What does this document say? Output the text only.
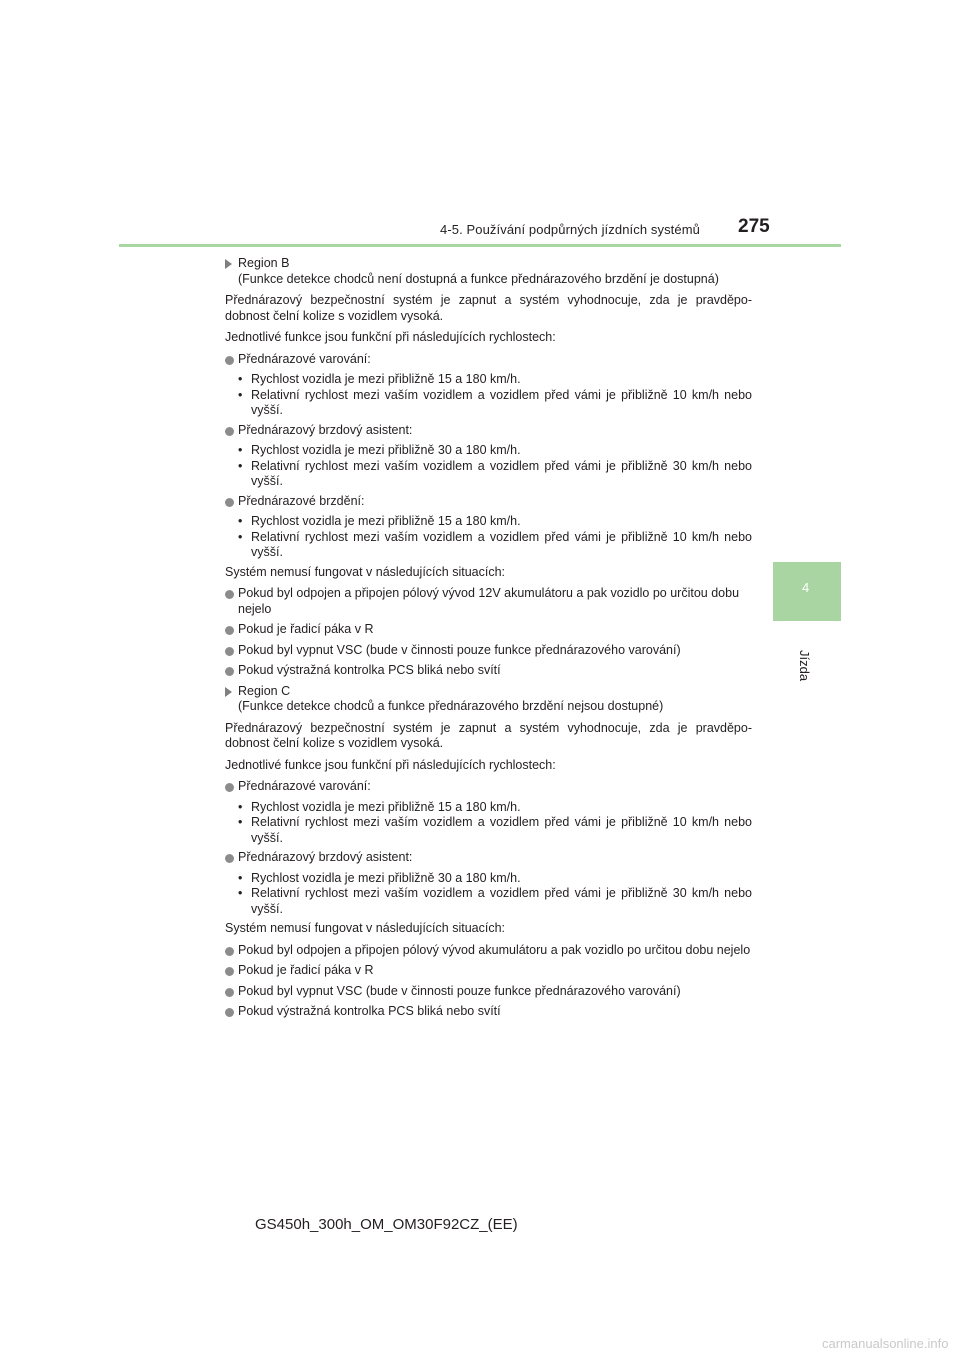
4-5. Používání podpůrných jízdních systémů 275
4
Jízda
Region B
(Funkce detekce chodců není dostupná a funkce přednárazového brzdění je dostupná)

Přednárazový bezpečnostní systém je zapnut a systém vyhodnocuje, zda je pravděpo- dobnost čelní kolize s vozidlem vysoká.

Jednotlivé funkce jsou funkční při následujících rychlostech:

Přednárazové varování:
• Rychlost vozidla je mezi přibližně 15 a 180 km/h.
• Relativní rychlost mezi vaším vozidlem a vozidlem před vámi je přibližně 10 km/h nebo vyšší.
Přednárazový brzdový asistent:
• Rychlost vozidla je mezi přibližně 30 a 180 km/h.
• Relativní rychlost mezi vaším vozidlem a vozidlem před vámi je přibližně 30 km/h nebo vyšší.
Přednárazové brzdění:
• Rychlost vozidla je mezi přibližně 15 a 180 km/h.
• Relativní rychlost mezi vaším vozidlem a vozidlem před vámi je přibližně 10 km/h nebo vyšší.

Systém nemusí fungovat v následujících situacích:

Pokud byl odpojen a připojen pólový vývod 12V akumulátoru a pak vozidlo po určitou dobu nejelo
Pokud je řadicí páka v R
Pokud byl vypnut VSC (bude v činnosti pouze funkce přednárazového varování)
Pokud výstražná kontrolka PCS bliká nebo svítí
Region C
(Funkce detekce chodců a funkce přednárazového brzdění nejsou dostupné)

Přednárazový bezpečnostní systém je zapnut a systém vyhodnocuje, zda je pravděpo- dobnost čelní kolize s vozidlem vysoká.

Jednotlivé funkce jsou funkční při následujících rychlostech:

Přednárazové varování:
• Rychlost vozidla je mezi přibližně 15 a 180 km/h.
• Relativní rychlost mezi vaším vozidlem a vozidlem před vámi je přibližně 10 km/h nebo vyšší.
Přednárazový brzdový asistent:
• Rychlost vozidla je mezi přibližně 30 a 180 km/h.
• Relativní rychlost mezi vaším vozidlem a vozidlem před vámi je přibližně 30 km/h nebo vyšší.

Systém nemusí fungovat v následujících situacích:

Pokud byl odpojen a připojen pólový vývod akumulátoru a pak vozidlo po určitou dobu nejelo
Pokud je řadicí páka v R
Pokud byl vypnut VSC (bude v činnosti pouze funkce přednárazového varování)
Pokud výstražná kontrolka PCS bliká nebo svítí
GS450h_300h_OM_OM30F92CZ_(EE)
carmanualsonline.info
